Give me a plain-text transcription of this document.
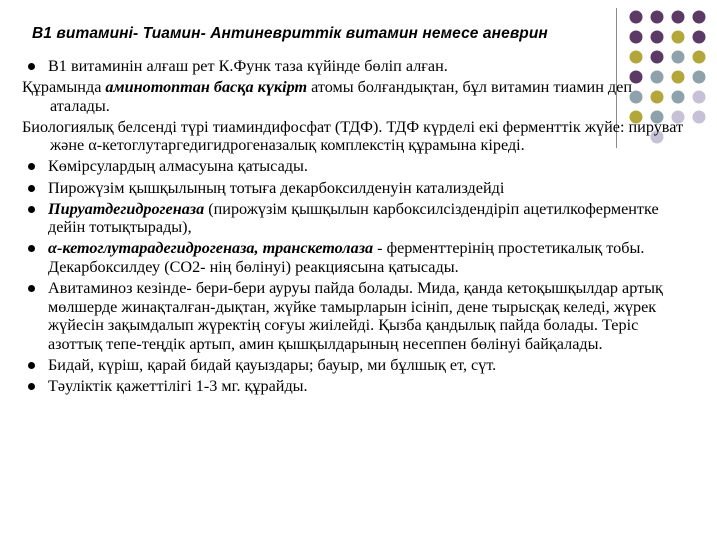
В1 витамині- Тиамин- Антиневриттік витамин немесе аневрин
В1 витаминін алғаш рет К.Функ таза күйінде бөліп алған.
Құрамында аминотоптан басқа күкірт атомы болғандықтан, бұл витамин тиамин деп аталады.
Биологиялық белсенді түрі тиаминдифосфат (ТДФ). ТДФ күрделі екі ферменттік жүйе: пируват және α-кетоглутаргедигидрогеназалық комплекстің құрамына кіреді.
Көмірсулардың алмасуына қатысады.
Пирожүзім қышқылының тотыға декарбоксилденуін катализдейді
Пируатдегидрогеназа (пирожүзім қышқылын карбоксилсіздендіріп ацетилкоферментке дейін тотықтырады),
α-кетоглутарадегидрогеназа, транскетолаза - ферменттерінің простетикалық тобы. Декарбоксилдеу (СО2- нің бөлінуі) реакциясына қатысады.
Авитаминоз кезінде- бери-бери ауруы пайда болады. Мида, қанда кетоқышқылдар артық мөлшерде жинақталған-дықтан, жүйке тамырларын ісініп, дене тырысқақ келеді, жүрек жүйесін зақымдалып жүректің соғуы жиілейді. Қызба қандылық пайда болады. Теріс азоттық тепе-теңдік артып, амин қышқылдарының несеппен бөлінуі байқалады.
Бидай, күріш, қарай бидай қауыздары; бауыр, ми бұлшық ет, сүт.
Тәуліктік қажеттілігі 1-3 мг. құрайды.
